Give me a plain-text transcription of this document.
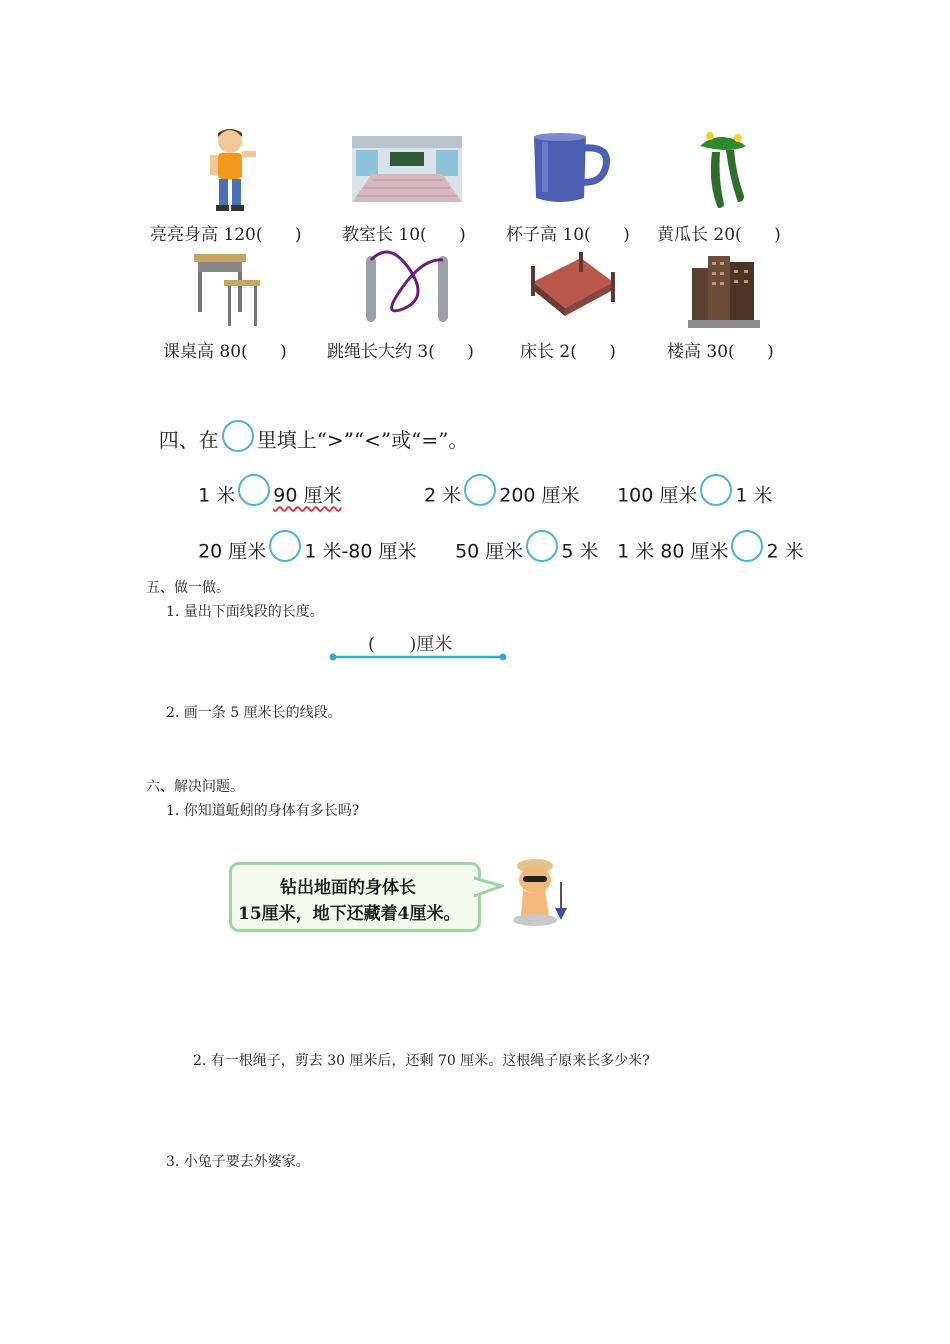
亮亮身高 120(      ) 教室长 10(      ) 杯子高 10(      ) 黄瓜长 20(      )
课桌高 80(      ) 跳绳长大约 3(      )	床长 2(      )	楼高 30(      )

四、在 里填上“>”“<”或“=”。

1 米 90 厘米	2 米 200 厘米	100 厘米 1 米

20 厘米 1 米-80 厘米	50 厘米 5 米 1 米 80 厘米 2 米

五、做一做。
1. 量出下面线段的长度。
(      )厘米
2. 画一条 5 厘米长的线段。
六、解决问题。
1. 你知道蚯蚓的身体有多长吗?
钻出地面的身体长
15厘米，地下还藏着4厘米。
2. 有一根绳子，剪去 30 厘米后，还剩 70 厘米。这根绳子原来长多少米?
3. 小兔子要去外婆家。
